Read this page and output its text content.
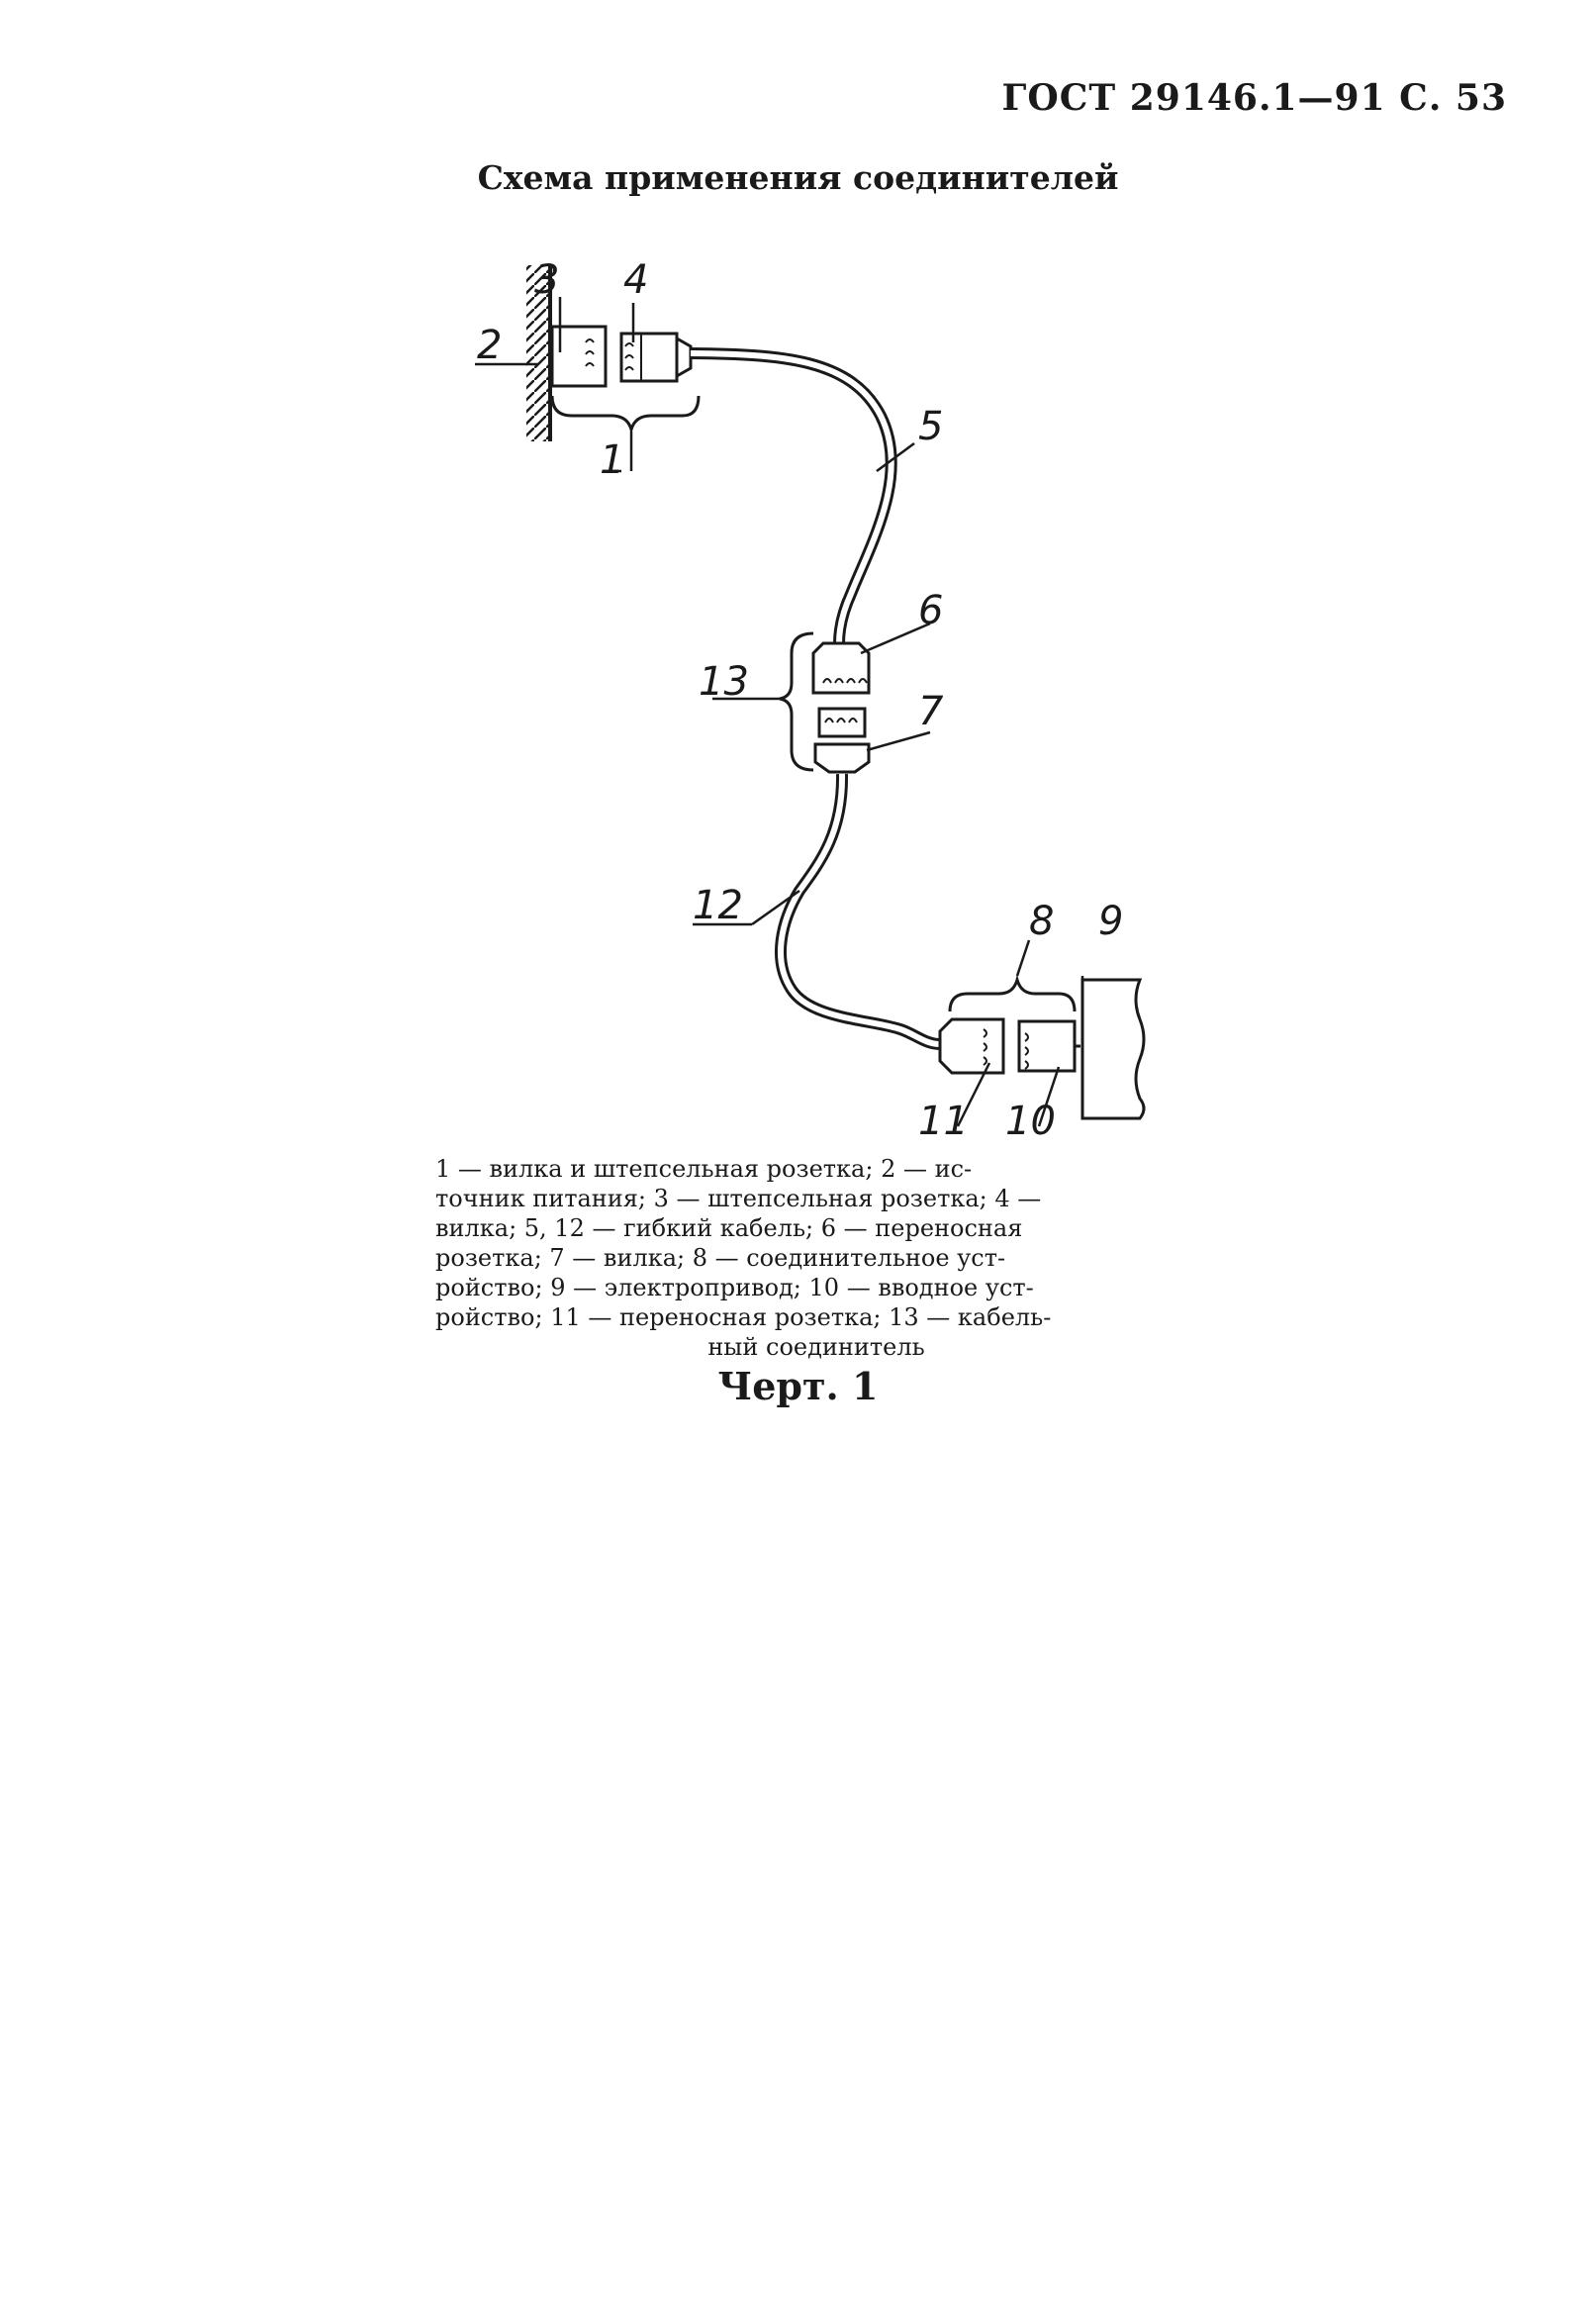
ГОСТ 29146.1—91 С. 53
Схема применения соединителей
3 4
2
1
5
6
7
13
12	8 9
11 10
1 — вилка и штепсельная розетка; 2 — ис-
точник питания; 3 — штепсельная розетка; 4 —
вилка; 5, 12 — гибкий кабель; 6 — переносная
розетка; 7 — вилка; 8 — соединительное уст-
ройство; 9 — электропривод; 10 — вводное уст-
ройство; 11 — переносная розетка; 13 — кабель-
ный соединитель
Черт. 1
